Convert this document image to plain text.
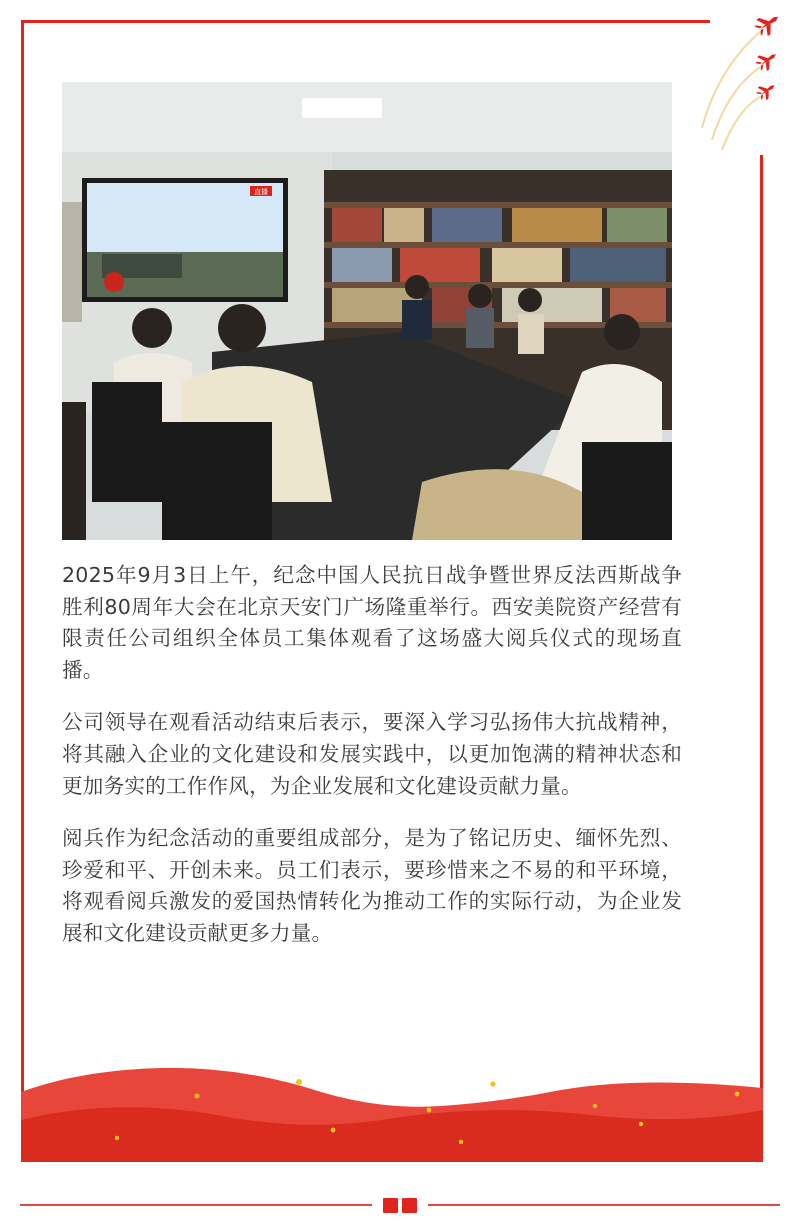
直播

2025年9月3日上午，纪念中国人民抗日战争暨世界反法西斯战争胜利80周年大会在北京天安门广场隆重举行。西安美院资产经营有限责任公司组织全体员工集体观看了这场盛大阅兵仪式的现场直播。

公司领导在观看活动结束后表示，要深入学习弘扬伟大抗战精神，将其融入企业的文化建设和发展实践中，以更加饱满的精神状态和更加务实的工作作风，为企业发展和文化建设贡献力量。

阅兵作为纪念活动的重要组成部分，是为了铭记历史、缅怀先烈、珍爱和平、开创未来。员工们表示，要珍惜来之不易的和平环境，将观看阅兵激发的爱国热情转化为推动工作的实际行动，为企业发展和文化建设贡献更多力量。
